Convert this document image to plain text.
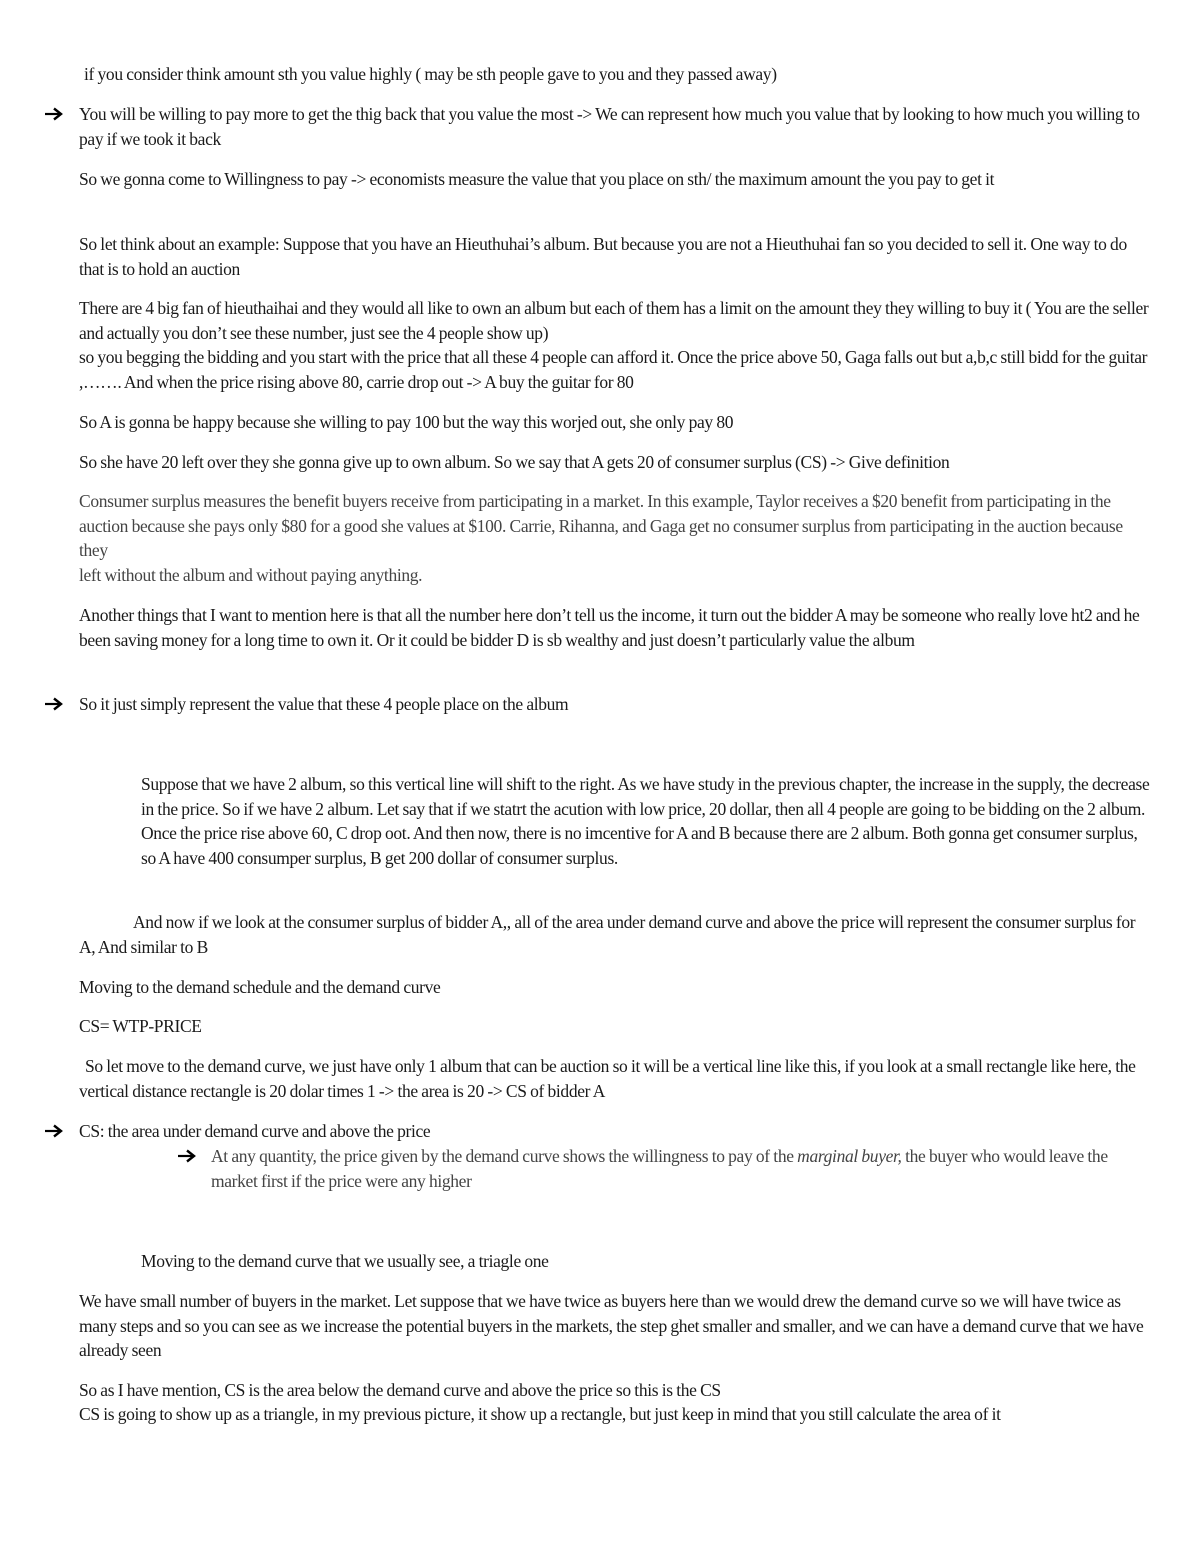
if you consider think amount sth you value highly ( may be sth people gave to you and they passed away)

You will be willing to pay more to get the thig back that you value the most -> We can represent how much you value that by looking to how much you willing to pay if we took it back

So we gonna come to Willingness to pay -> economists measure the value that you place on sth/ the maximum amount the you pay to get it

So let think about an example: Suppose that you have an Hieuthuhai’s album. But because you are not a Hieuthuhai fan so you decided to sell it. One way to do that is to hold an auction

There are 4 big fan of hieuthaihai and they would all like to own an album but each of them has a limit on the amount they they willing to buy it ( You are the seller and actually you don’t see these number, just see the 4 people show up)

so you begging the bidding and you start with the price that all these 4 people can afford it. Once the price above 50, Gaga falls out but a,b,c still bidd for the guitar ,……. And when the price rising above 80, carrie drop out -> A buy the guitar for 80

So A is gonna be happy because she willing to pay 100 but the way this worjed out, she only pay 80

So she have 20 left over they she gonna give up to own album. So we say that A gets 20 of consumer surplus (CS) -> Give definition

Consumer surplus measures the benefit buyers receive from participating in a market. In this example, Taylor receives a $20 benefit from participating in the auction because she pays only $80 for a good she values at $100. Carrie, Rihanna, and Gaga get no consumer surplus from participating in the auction because they

left without the album and without paying anything.

Another things that I want to mention here is that all the number here don’t tell us the income, it turn out the bidder A may be someone who really love ht2 and he been saving money for a long time to own it. Or it could be bidder D is sb wealthy and just doesn’t particularly value the album

So it just simply represent the value that these 4 people place on the album

Suppose that we have 2 album, so this vertical line will shift to the right. As we have study in the previous chapter, the increase in the supply, the decrease in the price. So if we have 2 album. Let say that if we statrt the acution with low price, 20 dollar, then all 4 people are going to be bidding on the 2 album. Once the price rise above 60, C drop oot. And then now, there is no imcentive for A and B because there are 2 album. Both gonna get consumer surplus, so A have 400 consumper surplus, B get 200 dollar of consumer surplus.

And now if we look at the consumer surplus of bidder A,, all of the area under demand curve and above the price will represent the consumer surplus for A, And similar to B

Moving to the demand schedule and the demand curve

CS= WTP-PRICE

So let move to the demand curve, we just have only 1 album that can be auction so it will be a vertical line like this, if you look at a small rectangle like here, the vertical distance rectangle is 20 dolar times 1 -> the area is 20 -> CS of bidder A

CS: the area under demand curve and above the price

At any quantity, the price given by the demand curve shows the willingness to pay of the marginal buyer, the buyer who would leave the market first if the price were any higher

Moving to the demand curve that we usually see, a triagle one

We have small number of buyers in the market. Let suppose that we have twice as buyers here than we would drew the demand curve so we will have twice as many steps and so you can see as we increase the potential buyers in the markets, the step ghet smaller and smaller, and we can have a demand curve that we have already seen

So as I have mention, CS is the area below the demand curve and above the price so this is the CS

CS is going to show up as a triangle, in my previous picture, it show up a rectangle, but just keep in mind that you still calculate the area of it
